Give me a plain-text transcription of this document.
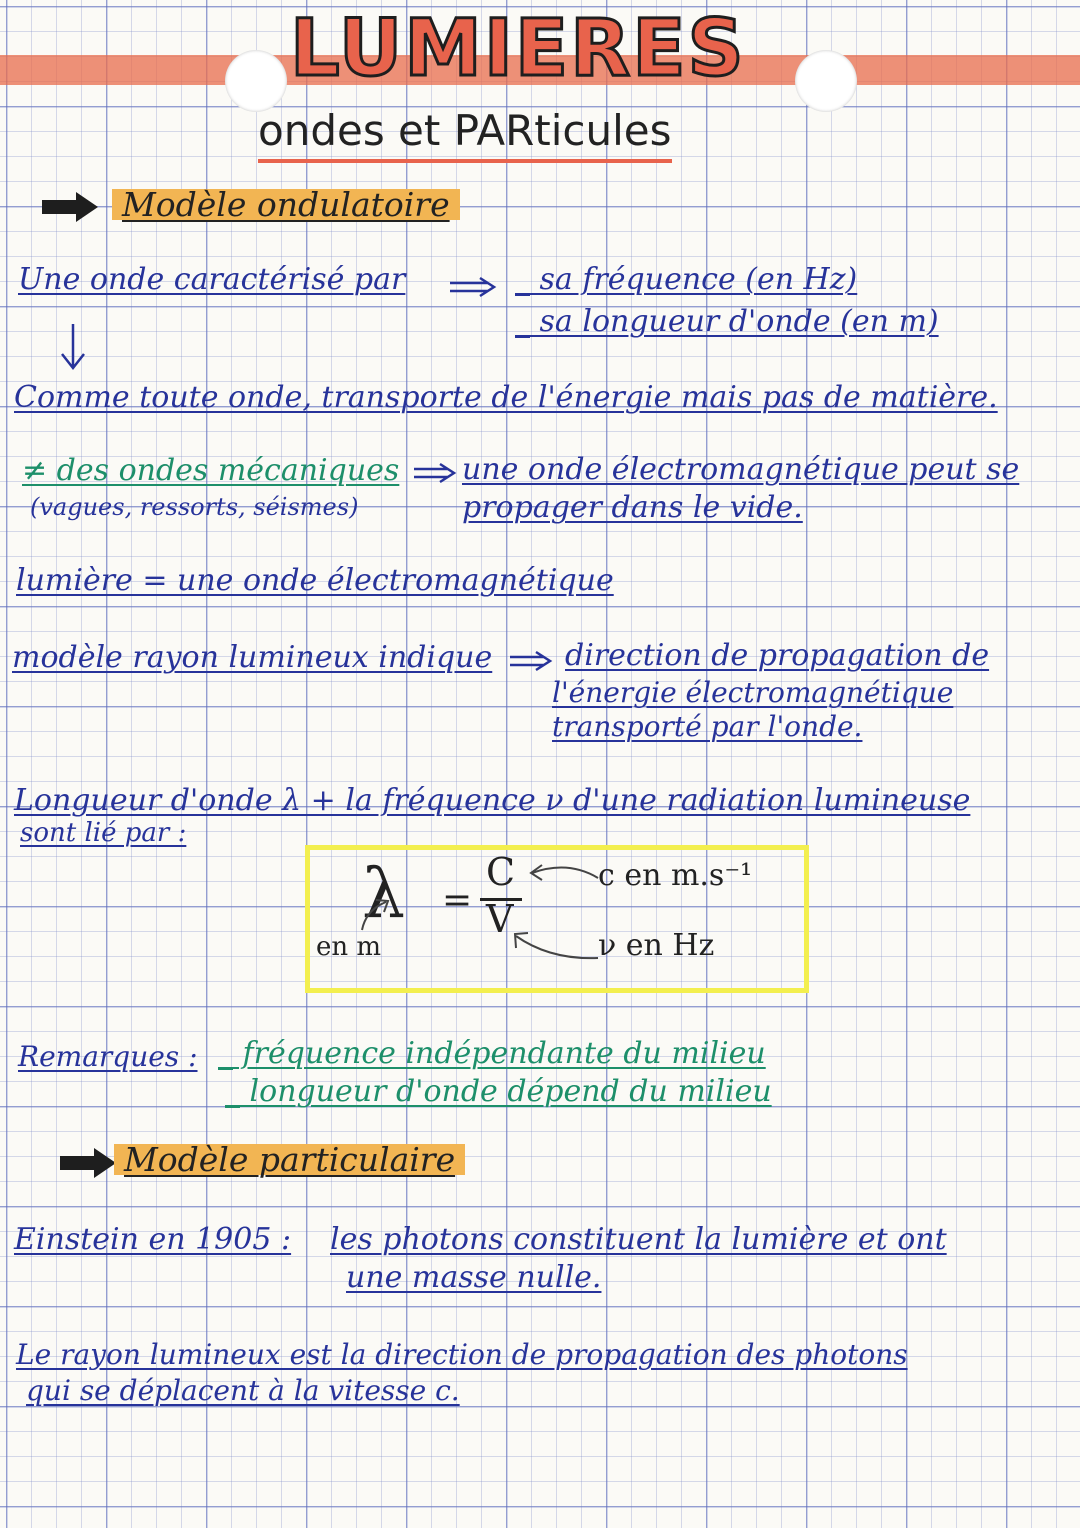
LUMIERES
ondes et PARticules
Modèle ondulatoire
Une onde caractérisé par	_ sa fréquence (en Hz)
_ sa longueur d'onde (en m)
Comme toute onde, transporte de l'énergie mais pas de matière.
≠ des ondes mécaniques
(vagues, ressorts, séismes)
une onde électromagnétique peut se
propager dans le vide.
lumière = une onde électromagnétique
modèle rayon lumineux indique direction de propagation de
l'énergie électromagnétique
transporté par l'onde.
Longueur d'onde λ + la fréquence ν d'une radiation lumineuse
sont lié par :
λ =
C
V
en m
c en m.s⁻¹
ν en Hz
Remarques : _ fréquence indépendante du milieu
_ longueur d'onde dépend du milieu
Modèle particulaire
Einstein en 1905 : les photons constituent la lumière et ont
une masse nulle.
Le rayon lumineux est la direction de propagation des photons
qui se déplacent à la vitesse c.
